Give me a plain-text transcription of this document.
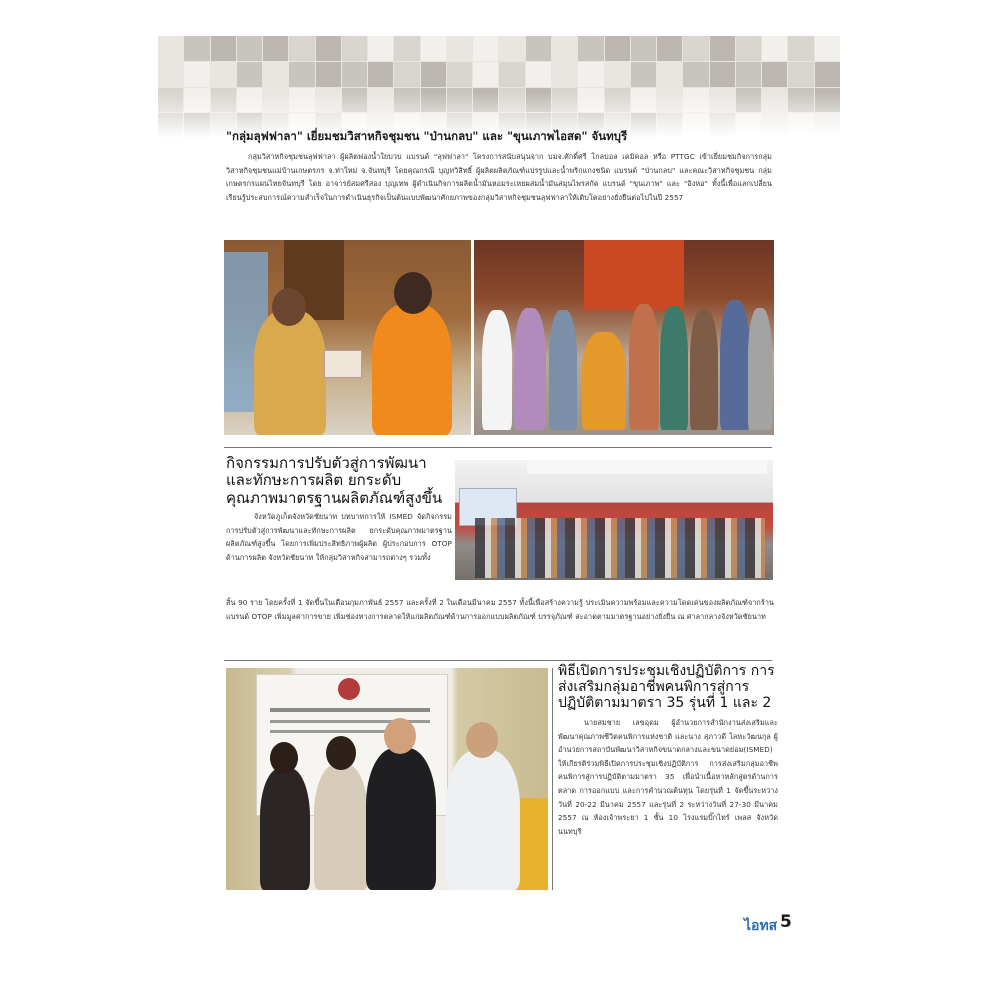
"กลุ่มลุฟฟาลา" เยี่ยมชมวิสาหกิจชุมชน "ป่านกลบ" และ "ขุนเภาพไอสด" จันทบุรี
กลุ่มวิสาหกิจชุมชนลุฟฟาลา ผู้ผลิตฟองน้ำใยบวบ แบรนด์ "ลุฟฟาลา" โครงการสนับสนุนจาก บมจ.ศักดิ์ศรี โกลบอล เคมิคอล หรือ PTTGC เข้าเยี่ยมชมกิจการกลุ่มวิสาหกิจชุมชนแม่บ้านเกษตรกร จ.ท่าใหม่ จ.จันทบุรี โดยคุณกรณี บุญทวิสิทธิ์ ผู้ผลิตผลิตภัณฑ์แปรรูปและน้ำพริกแกงชนิด แบรนด์ "ป่านกลบ" และคณะวิสาหกิจชุมชน กลุ่มเกษตรกรแผนไทยจันทบุรี โดย อาจารย์สมศรีสอง บุญเทพ ผู้ดำเนินกิจการผลิตน้ำมันหอมระเหยผสมน้ำมันสมุนไพรสกัด แบรนด์ "ขุนเภาพ" และ "อิงหอ" ทั้งนี้เพื่อแลกเปลี่ยนเรียนรู้ประสบการณ์ความสำเร็จในการดำเนินธุรกิจเป็นต้นแบบพัฒนาศักยภาพของกลุ่มวิสาหกิจชุมชนลุฟฟาลาให้เติบโตอย่างยั่งยืนต่อไปในปี 2557
กิจกรรมการปรับตัวสู่การพัฒนาและทักษะการผลิต ยกระดับคุณภาพมาตรฐานผลิตภัณฑ์สูงขึ้น
จังหวัดภูเก็ตจังหวัดชัยนาท บทบาทการให้ ISMED จัดกิจกรรมการปรับตัวสู่การพัฒนาและทักษะการผลิต ยกระดับคุณภาพมาตรฐานผลิตภัณฑ์สูงขึ้น โดยการเพิ่มประสิทธิภาพผู้ผลิต ผู้ประกอบการ OTOP ด้านการผลิต จังหวัดชัยนาท ให้กลุ่มวิสาหกิจสามารถต่างๆ รวมทั้ง
สิ้น 90 ราย โดยครั้งที่ 1 จัดขึ้นในเดือนกุมภาพันธ์ 2557 และครั้งที่ 2 ในเดือนมีนาคม 2557 ทั้งนี้เพื่อสร้างความรู้ ประเมินความพร้อมและความโดดเด่นของผลิตภัณฑ์จากร้านแบรนด์ OTOP เพิ่มมูลค่าการขาย เพิ่มช่องทางการตลาดให้แก่ผลิตภัณฑ์ด้านการออกแบบผลิตภัณฑ์ บรรจุภัณฑ์ สะอาดตามมาตรฐานอย่างยั่งยืน ณ ศาลากลางจังหวัดชัยนาท
พิธีเปิดการประชุมเชิงปฏิบัติการ การส่งเสริมกลุ่มอาชีพคนพิการสู่การปฏิบัติตามมาตรา 35 รุ่นที่ 1 และ 2
นายสมชาย เลขอุดม ผู้อำนวยการสำนักงานส่งเสริมและพัฒนาคุณภาพชีวิตคนพิการแห่งชาติ และนาง สุภาวดี โลหะวัฒนกุล ผู้อำนวยการสถาบันพัฒนาวิสาหกิจขนาดกลางและขนาดย่อม(ISMED) ให้เกียรติร่วมพิธีเปิดการประชุมเชิงปฏิบัติการ การส่งเสริมกลุ่มอาชีพคนพิการสู่การปฏิบัติตามมาตรา 35 เพื่อนำเนื้อหาหลักสูตรด้านการตลาด การออกแบบ และการคำนวณต้นทุน โดยรุ่นที่ 1 จัดขึ้นระหว่างวันที่ 20-22 มีนาคม 2557 และรุ่นที่ 2 ระหว่างวันที่ 27-30 มีนาคม 2557 ณ ห้องเจ้าพระยา 1 ชั้น 10 โรงแรมบิ๊กไทร์ เพลส จังหวัดนนทบุรี
ไอทส 5
